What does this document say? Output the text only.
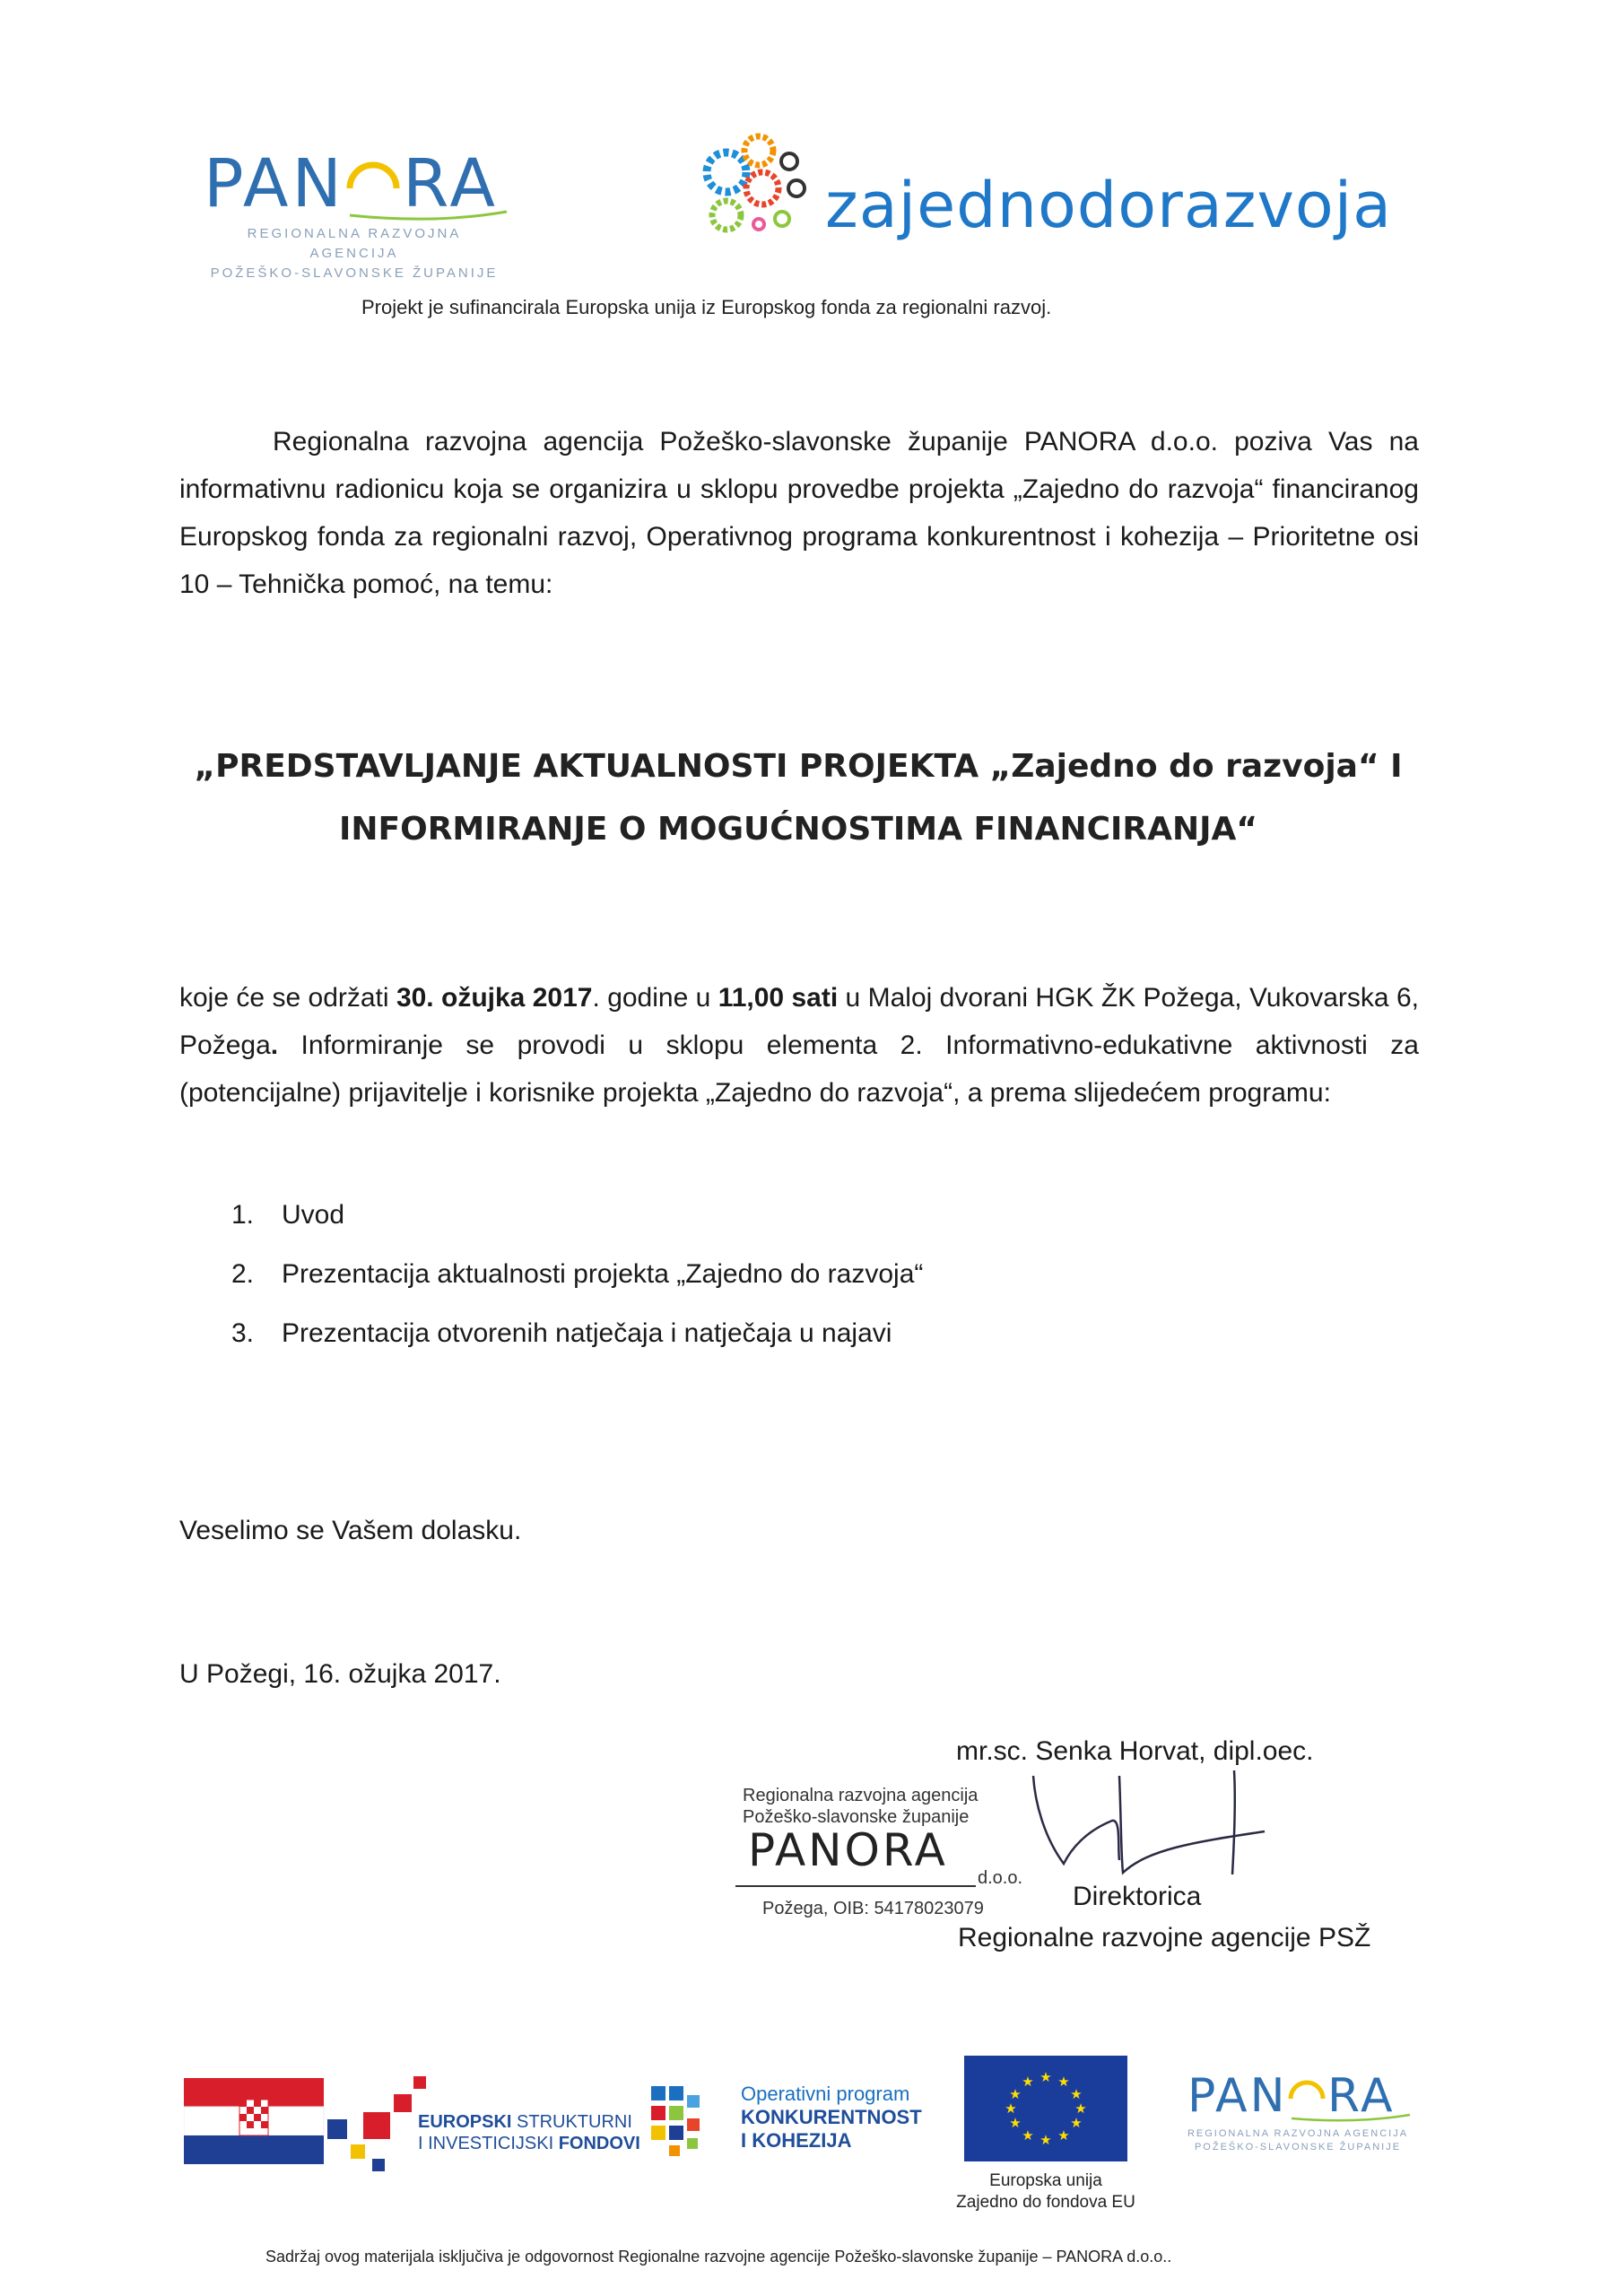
PAN RA
REGIONALNA RAZVOJNA AGENCIJA
POŽEŠKO-SLAVONSKE ŽUPANIJE
zajednodorazvoja
Projekt je sufinancirala Europska unija iz Europskog fonda za regionalni razvoj.

Regionalna razvojna agencija Požeško-slavonske županije PANORA d.o.o. poziva Vas na informativnu radionicu koja se organizira u sklopu provedbe projekta „Zajedno do razvoja“ financiranog Europskog fonda za regionalni razvoj, Operativnog programa konkurentnost i kohezija – Prioritetne osi 10 – Tehnička pomoć, na temu:

„PREDSTAVLJANJE AKTUALNOSTI PROJEKTA „Zajedno do razvoja“ I
INFORMIRANJE O MOGUĆNOSTIMA FINANCIRANJA“

koje će se održati 30. ožujka 2017. godine u 11,00 sati u Maloj dvorani HGK ŽK Požega, Vukovarska 6, Požega. Informiranje se provodi u sklopu elementa 2. Informativno-edukativne aktivnosti za (potencijalne) prijavitelje i korisnike projekta „Zajedno do razvoja“, a prema slijedećem programu:

1. Uvod
2. Prezentacija aktualnosti projekta „Zajedno do razvoja“
3. Prezentacija otvorenih natječaja i natječaja u najavi
Veselimo se Vašem dolasku.
U Požegi, 16. ožujka 2017.
mr.sc. Senka Horvat, dipl.oec.
Regionalna razvojna agencija
Požeško-slavonske županije
PANORA
d.o.o.
Požega, OIB: 54178023079	Direktorica
Regionalne razvojne agencije PSŽ
EUROPSKI STRUKTURNI
I INVESTICIJSKI FONDOVI
Operativni program
KONKURENTNOST
I KOHEZIJA
★ ★
★
★
★
★
★
★
★
★
★
★
Europska unija
Zajedno do fondova EU
PAN RA
REGIONALNA RAZVOJNA AGENCIJA
POŽEŠKO-SLAVONSKE ŽUPANIJE
Sadržaj ovog materijala isključiva je odgovornost Regionalne razvojne agencije Požeško-slavonske županije – PANORA d.o.o..
